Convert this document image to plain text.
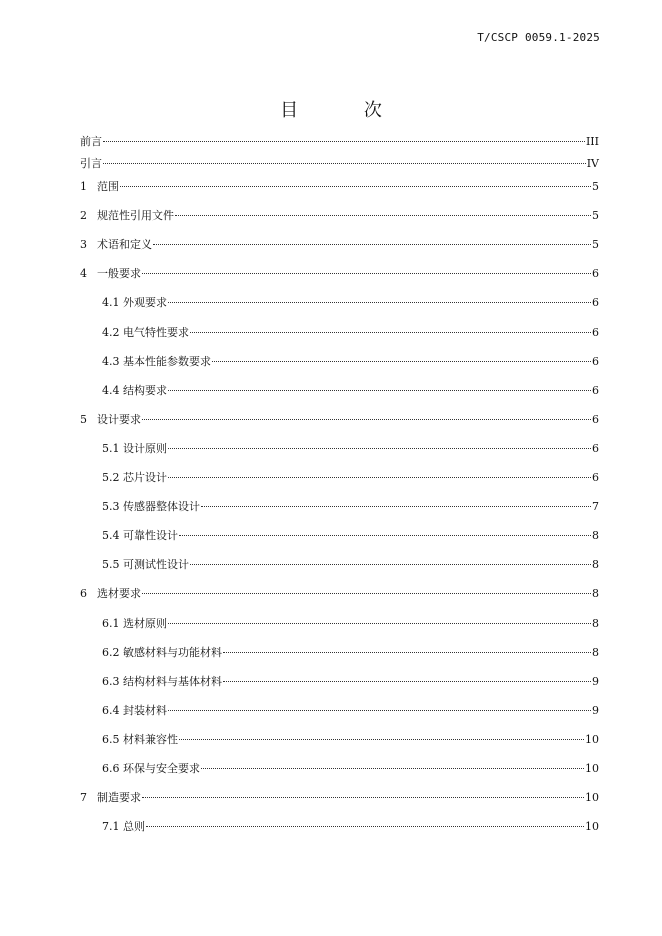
T/CSCP 0059.1-2025
目 次
前言	III
引言	IV
1 范围	5
2 规范性引用文件	5
3 术语和定义	5
4 一般要求	6
4.1 外观要求	6
4.2 电气特性要求	6
4.3 基本性能参数要求	6
4.4 结构要求	6
5 设计要求	6
5.1 设计原则	6
5.2 芯片设计	6
5.3 传感器整体设计	7
5.4 可靠性设计	8
5.5 可测试性设计	8
6 选材要求	8
6.1 选材原则	8
6.2 敏感材料与功能材料	8
6.3 结构材料与基体材料	9
6.4 封装材料	9
6.5 材料兼容性	10
6.6 环保与安全要求	10
7 制造要求	10
7.1 总则	10
